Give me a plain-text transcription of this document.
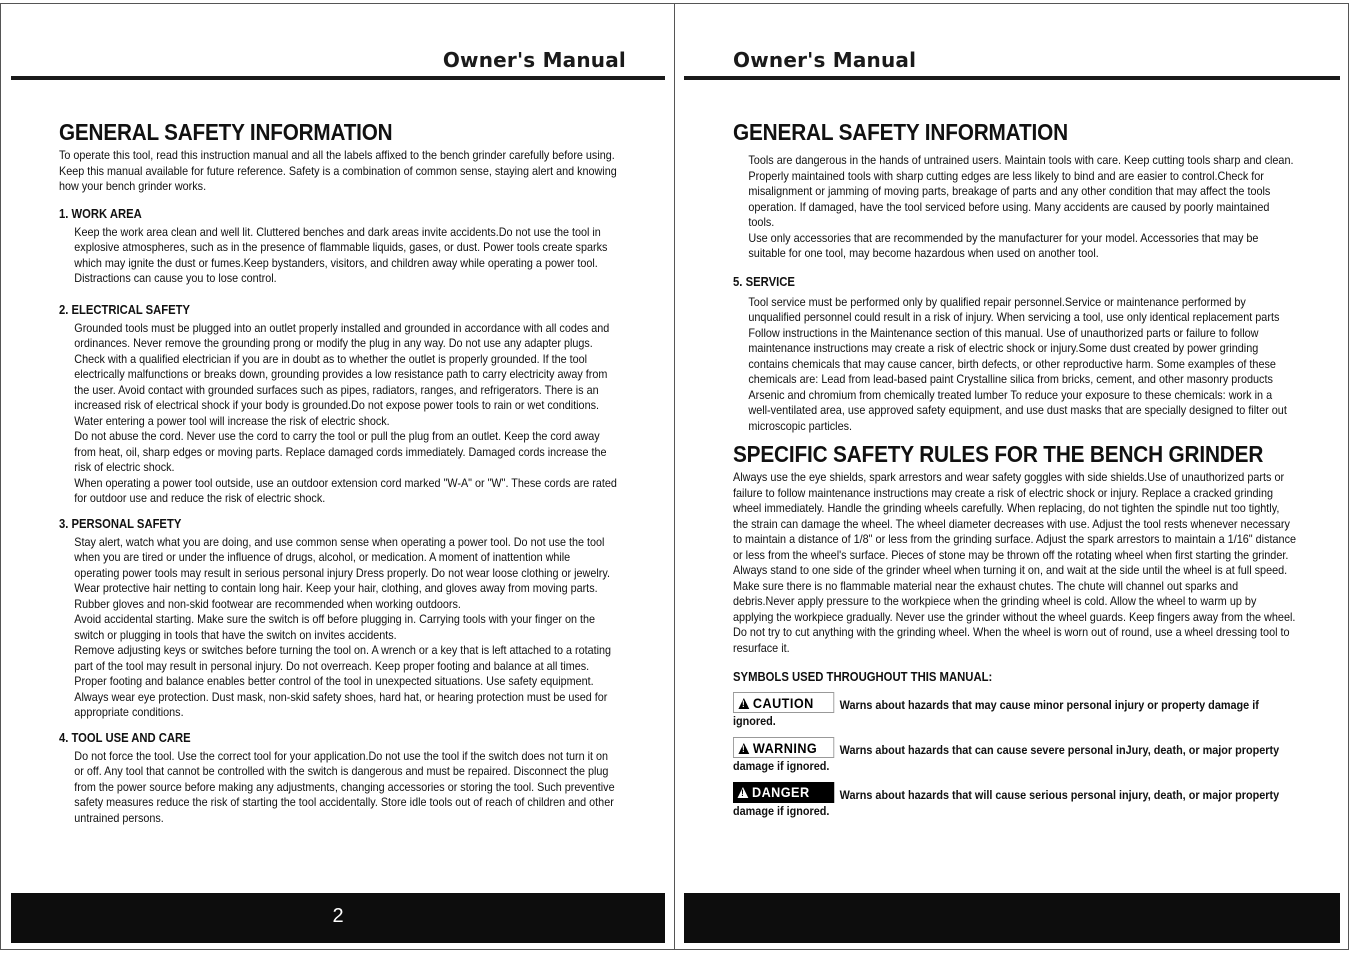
Owner's Manual
GENERAL SAFETY INFORMATION

To operate this tool, read this instruction manual and all the labels affixed to the bench grinder carefully before using. Keep this manual available for future reference. Safety is a combination of common sense, staying alert and knowing how your bench grinder works.

1. WORK AREA

Keep the work area clean and well lit. Cluttered benches and dark areas invite accidents.Do not use the tool in explosive atmospheres, such as in the presence of flammable liquids, gases, or dust. Power tools create sparks which may ignite the dust or fumes.Keep bystanders, visitors, and children away while operating a power tool. Distractions can cause you to lose control.

2. ELECTRICAL SAFETY

Grounded tools must be plugged into an outlet properly installed and grounded in accordance with all codes and ordinances. Never remove the grounding prong or modify the plug in any way. Do not use any adapter plugs. Check with a qualified electrician if you are in doubt as to whether the outlet is properly grounded. If the tool electrically malfunctions or breaks down, grounding provides a low resistance path to carry electricity away from the user. Avoid contact with grounded surfaces such as pipes, radiators, ranges, and refrigerators. There is an increased risk of electrical shock if your body is grounded.Do not expose power tools to rain or wet conditions. Water entering a power tool will increase the risk of electric shock.

Do not abuse the cord. Never use the cord to carry the tool or pull the plug from an outlet. Keep the cord away from heat, oil, sharp edges or moving parts. Replace damaged cords immediately. Damaged cords increase the risk of electric shock.

When operating a power tool outside, use an outdoor extension cord marked "W-A" or "W". These cords are rated for outdoor use and reduce the risk of electric shock.

3. PERSONAL SAFETY

Stay alert, watch what you are doing, and use common sense when operating a power tool. Do not use the tool when you are tired or under the influence of drugs, alcohol, or medication. A moment of inattention while operating power tools may result in serious personal injury Dress properly. Do not wear loose clothing or jewelry. Wear protective hair netting to contain long hair. Keep your hair, clothing, and gloves away from moving parts. Rubber gloves and non-skid footwear are recommended when working outdoors.

Avoid accidental starting. Make sure the switch is off before plugging in. Carrying tools with your finger on the switch or plugging in tools that have the switch on invites accidents.

Remove adjusting keys or switches before turning the tool on. A wrench or a key that is left attached to a rotating part of the tool may result in personal injury. Do not overreach. Keep proper footing and balance at all times. Proper footing and balance enables better control of the tool in unexpected situations. Use safety equipment. Always wear eye protection. Dust mask, non-skid safety shoes, hard hat, or hearing protection must be used for appropriate conditions.

4. TOOL USE AND CARE

Do not force the tool. Use the correct tool for your application.Do not use the tool if the switch does not turn it on or off. Any tool that cannot be controlled with the switch is dangerous and must be repaired. Disconnect the plug from the power source before making any adjustments, changing accessories or storing the tool. Such preventive safety measures reduce the risk of starting the tool accidentally. Store idle tools out of reach of children and other untrained persons.

2
Owner's Manual
GENERAL SAFETY INFORMATION

Tools are dangerous in the hands of untrained users. Maintain tools with care. Keep cutting tools sharp and clean. Properly maintained tools with sharp cutting edges are less likely to bind and are easier to control.Check for misalignment or jamming of moving parts, breakage of parts and any other condition that may affect the tools operation. If damaged, have the tool serviced before using. Many accidents are caused by poorly maintained tools.

Use only accessories that are recommended by the manufacturer for your model. Accessories that may be suitable for one tool, may become hazardous when used on another tool.

5. SERVICE

Tool service must be performed only by qualified repair personnel.Service or maintenance performed by unqualified personnel could result in a risk of injury. When servicing a tool, use only identical replacement parts Follow instructions in the Maintenance section of this manual. Use of unauthorized parts or failure to follow maintenance instructions may create a risk of electric shock or injury.Some dust created by power grinding contains chemicals that may cause cancer, birth defects, or other reproductive harm. Some examples of these chemicals are: Lead from lead-based paint Crystalline silica from bricks, cement, and other masonry products Arsenic and chromium from chemically treated lumber To reduce your exposure to these chemicals: work in a well-ventilated area, use approved safety equipment, and use dust masks that are specially designed to filter out microscopic particles.

SPECIFIC SAFETY RULES FOR THE BENCH GRINDER

Always use the eye shields, spark arrestors and wear safety goggles with side shields.Use of unauthorized parts or failure to follow maintenance instructions may create a risk of electric shock or injury. Replace a cracked grinding wheel immediately. Handle the grinding wheels carefully. When replacing, do not tighten the spindle nut too tightly, the strain can damage the wheel. The wheel diameter decreases with use. Adjust the tool rests whenever necessary to maintain a distance of 1/8" or less from the grinding surface. Adjust the spark arrestors to maintain a 1/16" distance or less from the wheel's surface. Pieces of stone may be thrown off the rotating wheel when first starting the grinder. Always stand to one side of the grinder wheel when turning it on, and wait at the side until the wheel is at full speed. Make sure there is no flammable material near the exhaust chutes. The chute will channel out sparks and debris.Never apply pressure to the workpiece when the grinding wheel is cold. Allow the wheel to warm up by applying the workpiece gradually. Never use the grinder without the wheel guards. Keep fingers away from the wheel. Do not try to cut anything with the grinding wheel. When the wheel is worn out of round, use a wheel dressing tool to resurface it.

SYMBOLS USED THROUGHOUT THIS MANUAL:
! CAUTION Warns about hazards that may cause minor personal injury or property damage if ignored.
! WARNING Warns about hazards that can cause severe personal inJury, death, or major property damage if ignored.
! DANGER	Warns about hazards that will cause serious personal injury, death, or major property damage if ignored.
